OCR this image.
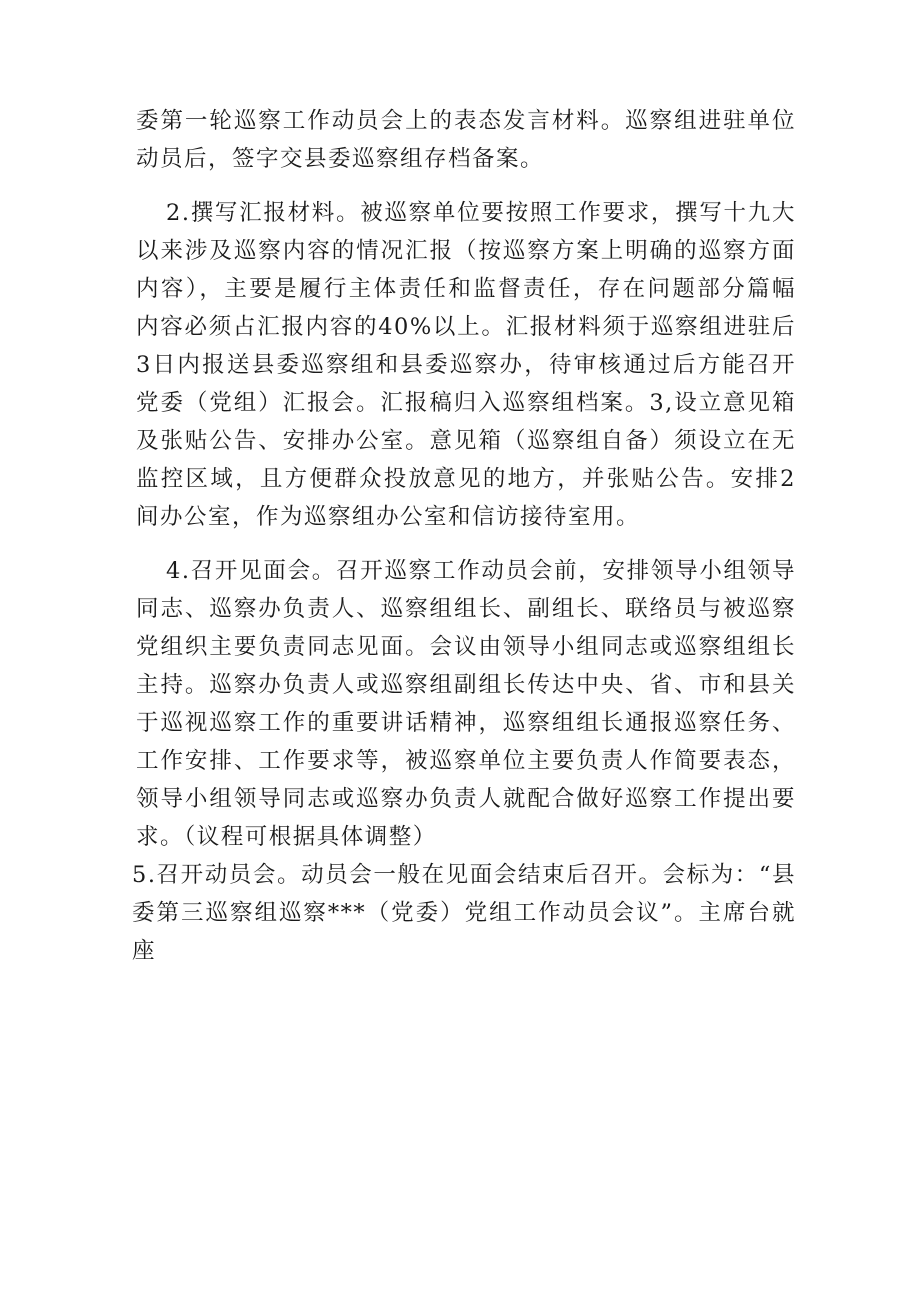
委第一轮巡察工作动员会上的表态发言材料。巡察组进驻单位动员后，签字交县委巡察组存档备案。

2.撰写汇报材料。被巡察单位要按照工作要求，撰写十九大以来涉及巡察内容的情况汇报（按巡察方案上明确的巡察方面内容），主要是履行主体责任和监督责任，存在问题部分篇幅内容必须占汇报内容的40%以上。汇报材料须于巡察组进驻后3日内报送县委巡察组和县委巡察办，待审核通过后方能召开党委（党组）汇报会。汇报稿归入巡察组档案。3,设立意见箱及张贴公告、安排办公室。意见箱（巡察组自备）须设立在无监控区域，且方便群众投放意见的地方，并张贴公告。安排2间办公室，作为巡察组办公室和信访接待室用。

4.召开见面会。召开巡察工作动员会前，安排领导小组领导同志、巡察办负责人、巡察组组长、副组长、联络员与被巡察党组织主要负责同志见面。会议由领导小组同志或巡察组组长主持。巡察办负责人或巡察组副组长传达中央、省、市和县关于巡视巡察工作的重要讲话精神，巡察组组长通报巡察任务、工作安排、工作要求等，被巡察单位主要负责人作简要表态，领导小组领导同志或巡察办负责人就配合做好巡察工作提出要求。（议程可根据具体调整）

5.召开动员会。动员会一般在见面会结束后召开。会标为：“县委第三巡察组巡察***（党委）党组工作动员会议”。主席台就座
